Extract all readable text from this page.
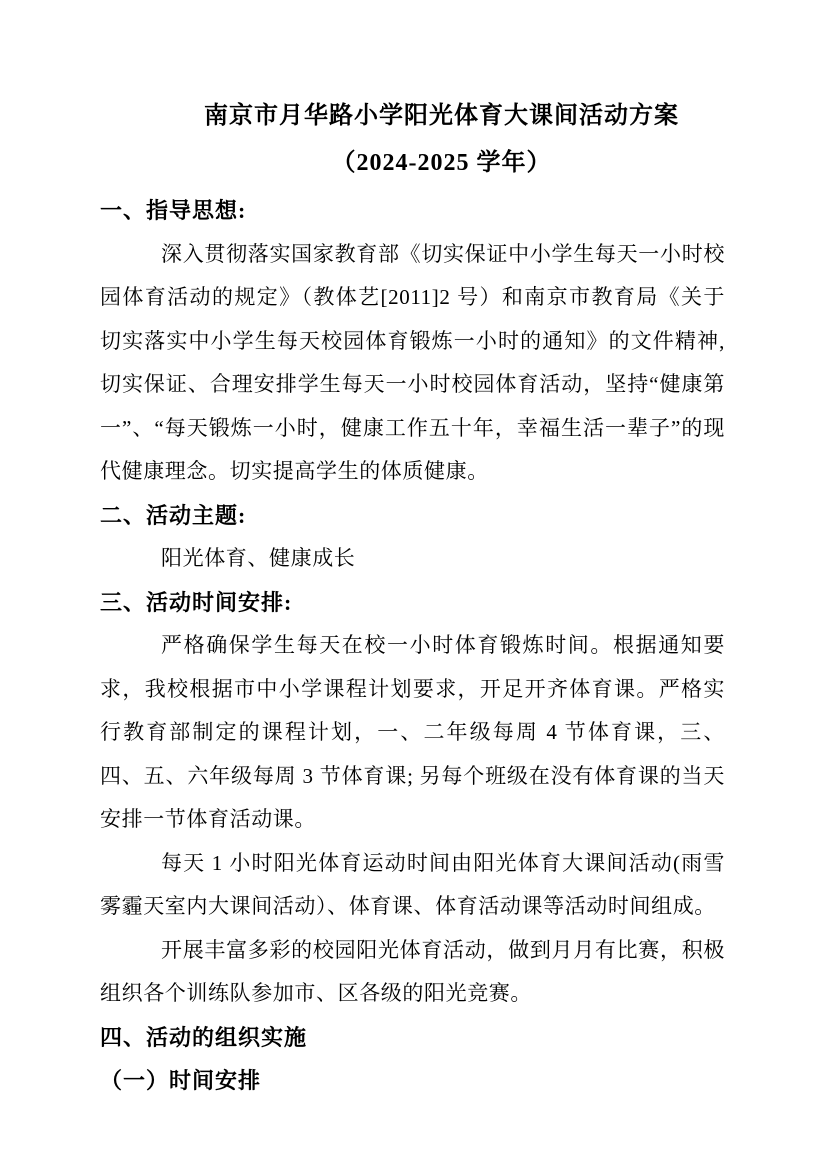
南京市月华路小学阳光体育大课间活动方案
（2024-2025 学年）
一、指导思想:

深入贯彻落实国家教育部《切实保证中小学生每天一小时校园体育活动的规定》（教体艺[2011]2 号）和南京市教育局《关于切实落实中小学生每天校园体育锻炼一小时的通知》的文件精神,切实保证、合理安排学生每天一小时校园体育活动，坚持“健康第一”、“每天锻炼一小时，健康工作五十年，幸福生活一辈子”的现代健康理念。切实提高学生的体质健康。

二、活动主题:

阳光体育、健康成长

三、活动时间安排:

严格确保学生每天在校一小时体育锻炼时间。根据通知要求，我校根据市中小学课程计划要求，开足开齐体育课。严格实行教育部制定的课程计划，一、二年级每周 4 节体育课，三、四、五、六年级每周 3 节体育课; 另每个班级在没有体育课的当天安排一节体育活动课。

每天 1 小时阳光体育运动时间由阳光体育大课间活动(雨雪雾霾天室内大课间活动）、体育课、体育活动课等活动时间组成。

开展丰富多彩的校园阳光体育活动，做到月月有比赛，积极组织各个训练队参加市、区各级的阳光竞赛。

四、活动的组织实施
（一）时间安排
